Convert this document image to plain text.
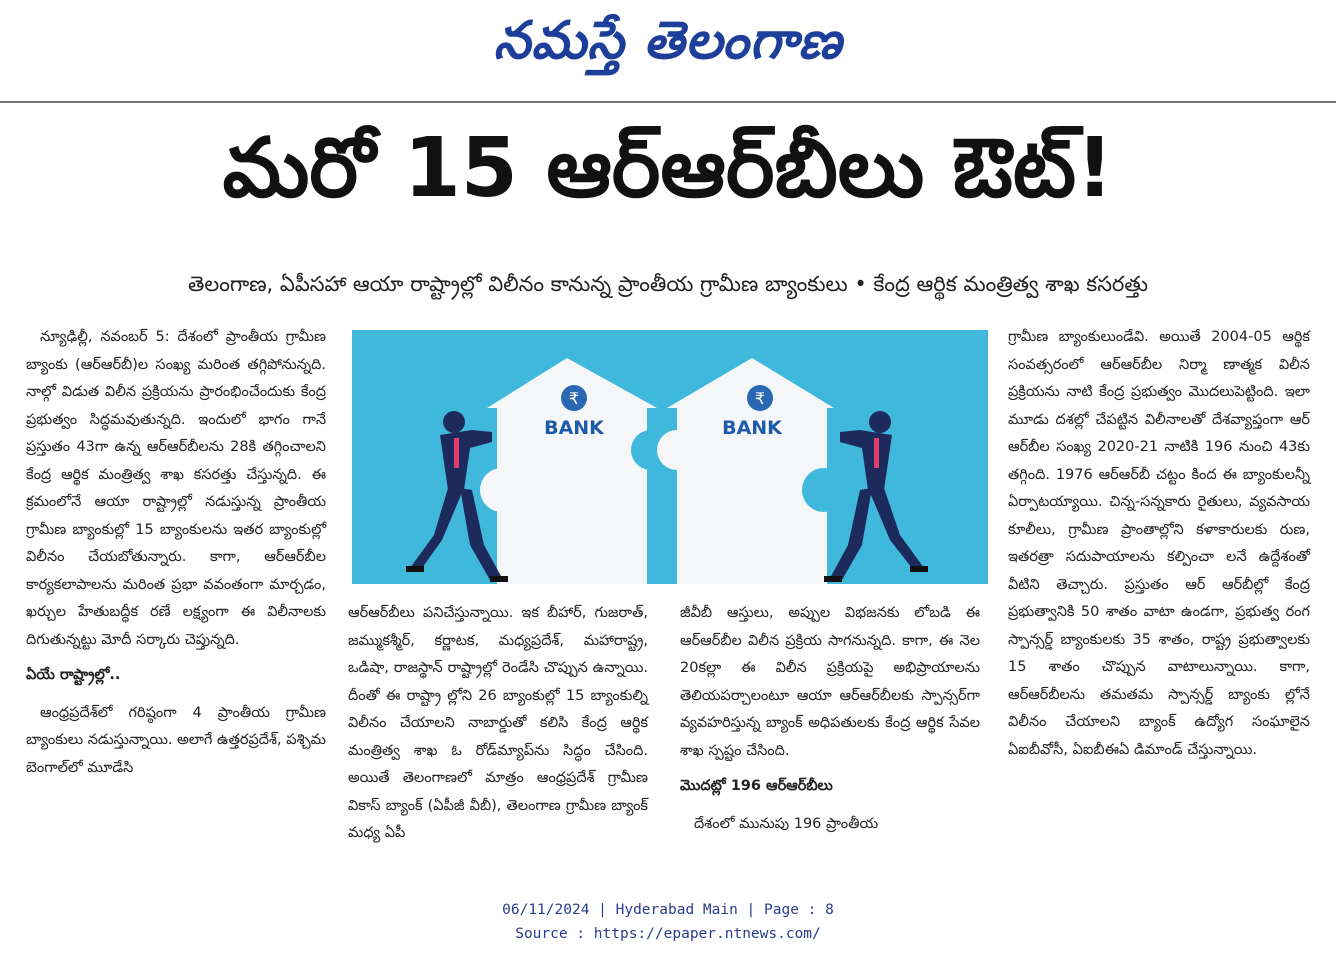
నమస్తే తెలంగాణ
మరో 15 ఆర్‌ఆర్‌బీలు ఔట్‌!
తెలంగాణ, ఏపీసహా ఆయా రాష్ట్రాల్లో విలీనం కానున్న ప్రాంతీయ గ్రామీణ బ్యాంకులు • కేంద్ర ఆర్థిక మంత్రిత్వ శాఖ కసరత్తు

న్యూఢిల్లీ, నవంబర్‌ 5: దేశంలో ప్రాంతీయ గ్రామీణ బ్యాంకు (ఆర్‌ఆర్‌బీ)ల సంఖ్య మరింత తగ్గిపోనున్నది. నాల్గో విడుత విలీన ప్రక్రియను ప్రారంభించేందుకు కేంద్ర ప్రభుత్వం సిద్ధమవుతున్నది. ఇందులో భాగం గానే ప్రస్తుతం 43గా ఉన్న ఆర్‌ఆర్‌బీలను 28కి తగ్గించాలని కేంద్ర ఆర్థిక మంత్రిత్వ శాఖ కసరత్తు చేస్తున్నది. ఈ క్రమంలోనే ఆయా రాష్ట్రాల్లో నడుస్తున్న ప్రాంతీయ గ్రామీణ బ్యాంకుల్లో 15 బ్యాంకులను ఇతర బ్యాంకుల్లో విలీనం చేయబోతున్నారు. కాగా, ఆర్‌ఆర్‌బీల కార్యకలాపాలను మరింత ప్రభా వవంతంగా మార్చడం, ఖర్చుల హేతుబద్ధీక రణే లక్ష్యంగా ఈ విలీనాలకు దిగుతున్నట్టు మోదీ సర్కారు చెప్తున్నది.

ఏయే రాష్ట్రాల్లో..

ఆంధ్రప్రదేశ్‌లో గరిష్ఠంగా 4 ప్రాంతీయ గ్రామీణ బ్యాంకులు నడుస్తున్నాయి. అలాగే ఉత్తరప్రదేశ్‌, పశ్చిమ బెంగాల్‌లో మూడేసి

₹	₹
BANK	BANK

ఆర్‌ఆర్‌బీలు పనిచేస్తున్నాయి. ఇక బీహార్‌, గుజరాత్‌, జమ్ముకశ్మీర్‌, కర్ణాటక, మధ్యప్రదేశ్‌, మహారాష్ట్ర, ఒడిషా, రాజస్థాన్‌ రాష్ట్రాల్లో రెండేసి చొప్పున ఉన్నాయి. దీంతో ఈ రాష్ట్రా ల్లోని 26 బ్యాంకుల్లో 15 బ్యాంకుల్ని విలీనం చేయాలని నాబార్డుతో కలిసి కేంద్ర ఆర్థిక మంత్రిత్వ శాఖ ఓ రోడ్‌మ్యాప్‌ను సిద్ధం చేసింది. అయితే తెలంగాణలో మాత్రం ఆంధ్రప్రదేశ్‌ గ్రామీణ వికాస్‌ బ్యాంక్‌ (ఏపీజీ వీబీ), తెలంగాణ గ్రామీణ బ్యాంక్‌ మధ్య ఏపీ

జీవీబీ ఆస్తులు, అప్పుల విభజనకు లోబడి ఈ ఆర్‌ఆర్‌బీల విలీన ప్రక్రియ సాగనున్నది. కాగా, ఈ నెల 20కల్లా ఈ విలీన ప్రక్రియపై అభిప్రాయాలను తెలియపర్చాలంటూ ఆయా ఆర్‌ఆర్‌బీలకు స్పాన్సర్‌గా వ్యవహరిస్తున్న బ్యాంక్‌ అధిపతులకు కేంద్ర ఆర్థిక సేవల శాఖ స్పష్టం చేసింది.

మొదట్లో 196 ఆర్‌ఆర్‌బీలు

దేశంలో మునుపు 196 ప్రాంతీయ

గ్రామీణ బ్యాంకులుండేవి. అయితే 2004-05 ఆర్థిక సంవత్సరంలో ఆర్‌ఆర్‌బీల నిర్మా ణాత్మక విలీన ప్రక్రియను నాటి కేంద్ర ప్రభుత్వం మొదలుపెట్టింది. ఇలా మూడు దశల్లో చేపట్టిన విలీనాలతో దేశవ్యాప్తంగా ఆర్‌ ఆర్‌బీల సంఖ్య 2020-21 నాటికి 196 నుంచి 43కు తగ్గింది. 1976 ఆర్‌ఆర్‌బీ చట్టం కింద ఈ బ్యాంకులన్నీ ఏర్పాటయ్యాయి. చిన్న-సన్నకారు రైతులు, వ్యవసాయ కూలీలు, గ్రామీణ ప్రాంతాల్లోని కళాకారులకు రుణ, ఇతరత్రా సదుపాయాలను కల్పించా లనే ఉద్దేశంతో వీటిని తెచ్చారు. ప్రస్తుతం ఆర్‌ ఆర్‌బీల్లో కేంద్ర ప్రభుత్వానికి 50 శాతం వాటా ఉండగా, ప్రభుత్వ రంగ స్పాన్సర్డ్‌ బ్యాంకులకు 35 శాతం, రాష్ట్ర ప్రభుత్వాలకు 15 శాతం చొప్పున వాటాలున్నాయి. కాగా, ఆర్‌ఆర్‌బీలను తమతమ స్పాన్సర్డ్‌ బ్యాంకు ల్లోనే విలీనం చేయాలని బ్యాంక్‌ ఉద్యోగ సంఘాలైన ఏఐబీవోసీ, ఏఐబీఈఏ డిమాండ్‌ చేస్తున్నాయి.

06/11/2024 | Hyderabad Main | Page : 8
Source : https://epaper.ntnews.com/
